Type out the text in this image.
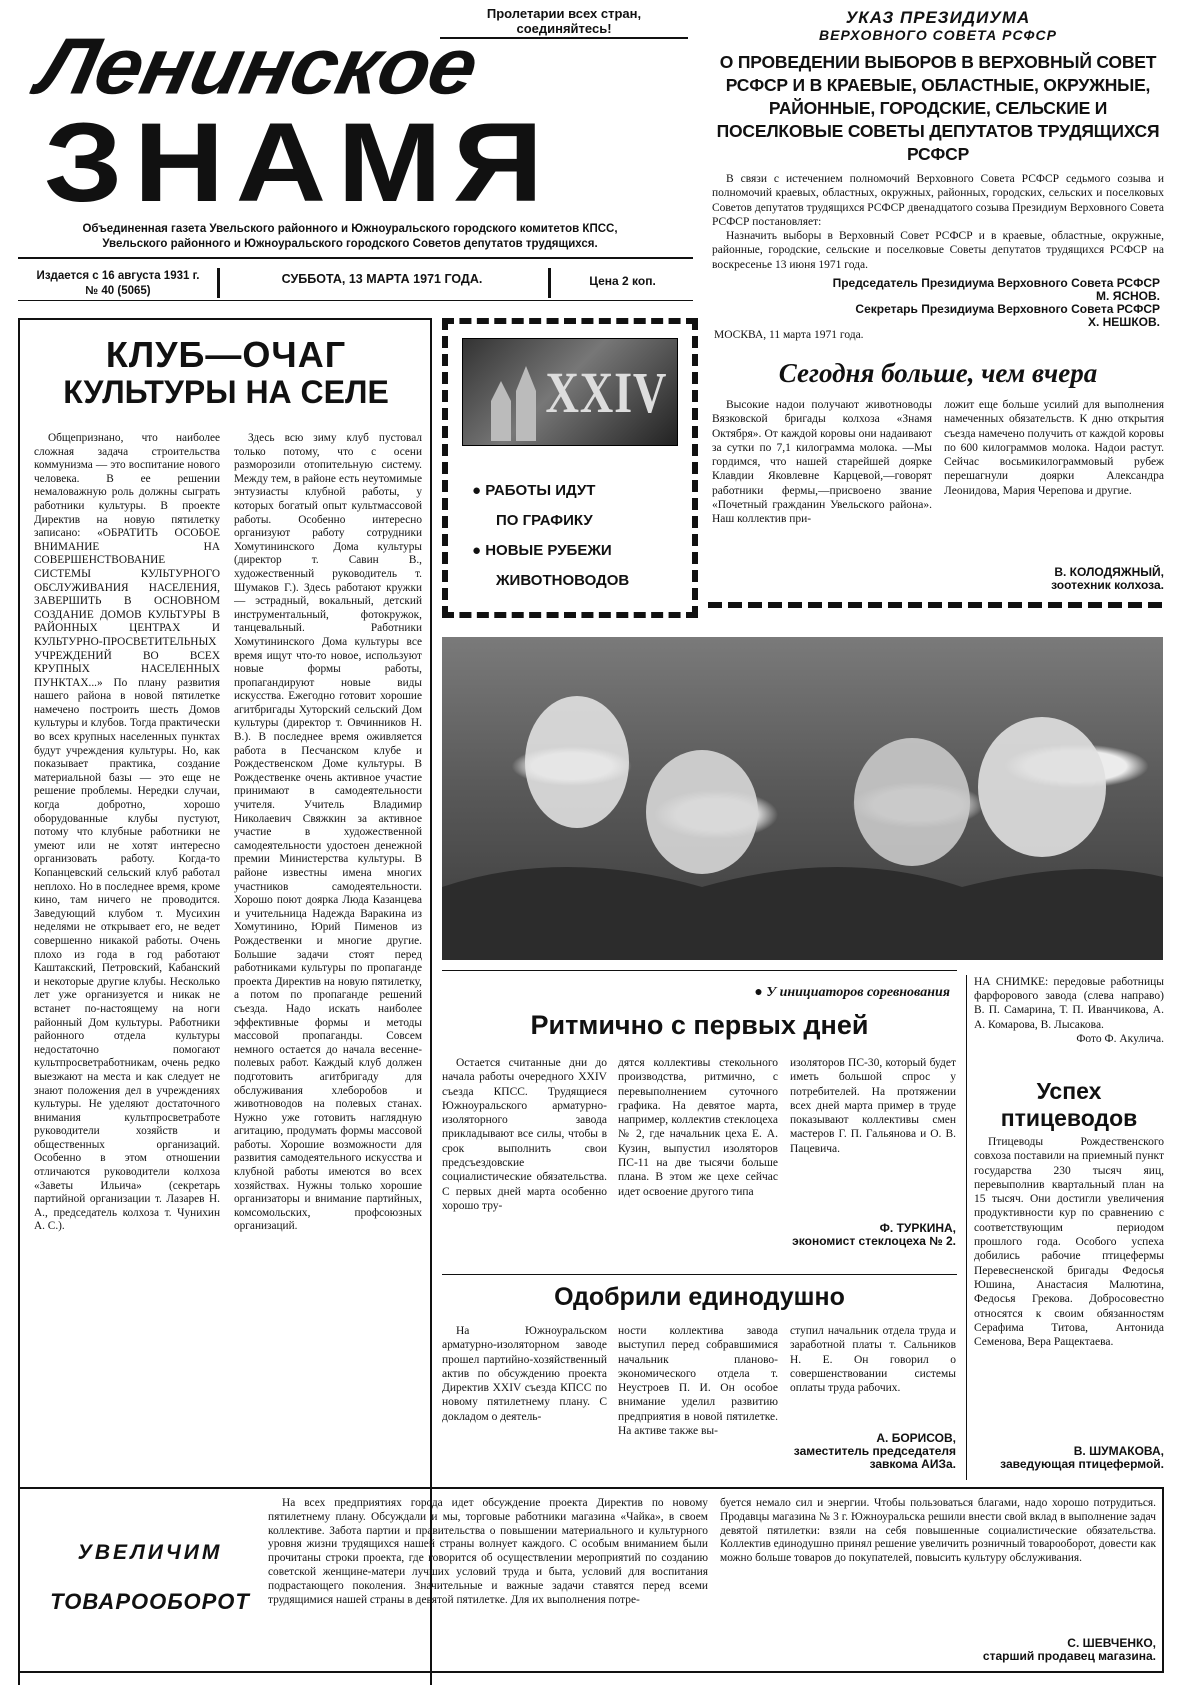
Пролетарии всех стран, соединяйтесь!
Ленинское
ЗНАМЯ
Объединенная газета Увельского районного и Южноуральского городского комитетов КПСС, Увельского районного и Южноуральского городского Советов депутатов трудящихся.
Издается с 16 августа 1931 г.
№ 40 (5065)
СУББОТА, 13 МАРТА 1971 ГОДА.	Цена 2 коп.
УКАЗ ПРЕЗИДИУМА
ВЕРХОВНОГО СОВЕТА РСФСР
О ПРОВЕДЕНИИ ВЫБОРОВ В ВЕРХОВНЫЙ СОВЕТ РСФСР И В КРАЕВЫЕ, ОБЛАСТНЫЕ, ОКРУЖНЫЕ, РАЙОННЫЕ, ГОРОДСКИЕ, СЕЛЬСКИЕ И ПОСЕЛКОВЫЕ СОВЕТЫ ДЕПУТАТОВ ТРУДЯЩИХСЯ РСФСР

В связи с истечением полномочий Верховного Совета РСФСР седьмого созыва и полномочий краевых, областных, окружных, районных, городских, сельских и поселковых Советов депутатов трудящихся РСФСР двенадцатого созыва Президиум Верховного Совета РСФСР постановляет:

Назначить выборы в Верховный Совет РСФСР и в краевые, областные, окружные, районные, городские, сельские и поселковые Советы депутатов трудящихся РСФСР на воскресенье 13 июня 1971 года.

Председатель Президиума Верховного Совета РСФСР
М. ЯСНОВ.
Секретарь Президиума Верховного Совета РСФСР
Х. НЕШКОВ.
МОСКВА, 11 марта 1971 года.
КЛУБ—ОЧАГ
КУЛЬТУРЫ НА СЕЛЕ

Общепризнано, что наиболее сложная задача строительства коммунизма — это воспитание нового человека. В ее решении немаловажную роль должны сыграть работники культуры. В проекте Директив на новую пятилетку записано: «ОБРАТИТЬ ОСОБОЕ ВНИМАНИЕ НА СОВЕРШЕНСТВОВАНИЕ СИСТЕМЫ КУЛЬТУРНОГО ОБСЛУЖИВАНИЯ НАСЕЛЕНИЯ, ЗАВЕРШИТЬ В ОСНОВНОМ СОЗДАНИЕ ДОМОВ КУЛЬТУРЫ В РАЙОННЫХ ЦЕНТРАХ И КУЛЬТУРНО-ПРОСВЕТИТЕЛЬНЫХ УЧРЕЖДЕНИЙ ВО ВСЕХ КРУПНЫХ НАСЕЛЕННЫХ ПУНКТАХ...» По плану развития нашего района в новой пятилетке намечено построить шесть Домов культуры и клубов. Тогда практически во всех крупных населенных пунктах будут учреждения культуры. Но, как показывает практика, создание материальной базы — это еще не решение проблемы. Нередки случаи, когда добротно, хорошо оборудованные клубы пустуют, потому что клубные работники не умеют или не хотят интересно организовать работу. Когда-то Копанцевский сельский клуб работал неплохо. Но в последнее время, кроме кино, там ничего не проводится. Заведующий клубом т. Мусихин неделями не открывает его, не ведет совершенно никакой работы. Очень плохо из года в год работают Каштакский, Петровский, Кабанский и некоторые другие клубы. Несколько лет уже организуется и никак не встанет по-настоящему на ноги районный Дом культуры. Работники районного отдела культуры недостаточно помогают культпросветработникам, очень редко выезжают на места и как следует не знают положения дел в учреждениях культуры. Не уделяют достаточного внимания культпросветработе руководители хозяйств и общественных организаций. Особенно в этом отношении отличаются руководители колхоза «Заветы Ильича» (секретарь партийной организации т. Лазарев Н. А., председатель колхоза т. Чунихин А. С.).

Здесь всю зиму клуб пустовал только потому, что с осени разморозили отопительную систему. Между тем, в районе есть неутомимые энтузиасты клубной работы, у которых богатый опыт культмассовой работы. Особенно интересно организуют работу сотрудники Хомутининского Дома культуры (директор т. Савин В., художественный руководитель т. Шумаков Г.). Здесь работают кружки — эстрадный, вокальный, детский инструментальный, фотокружок, танцевальный. Работники Хомутининского Дома культуры все время ищут что-то новое, используют новые формы работы, пропагандируют новые виды искусства. Ежегодно готовит хорошие агитбригады Хуторский сельский Дом культуры (директор т. Овчинников Н. В.). В последнее время оживляется работа в Песчанском клубе и Рождественском Доме культуры. В Рождественке очень активное участие принимают в самодеятельности учителя. Учитель Владимир Николаевич Свяжкин за активное участие в художественной самодеятельности удостоен денежной премии Министерства культуры. В районе известны имена многих участников самодеятельности. Хорошо поют доярка Люда Казанцева и учительница Надежда Варакина из Хомутинино, Юрий Пименов из Рождественки и многие другие. Большие задачи стоят перед работниками культуры по пропаганде проекта Директив на новую пятилетку, а потом по пропаганде решений съезда. Надо искать наиболее эффективные формы и методы массовой пропаганды. Совсем немного остается до начала весенне-полевых работ. Каждый клуб должен подготовить агитбригаду для обслуживания хлеборобов и животноводов на полевых станах. Нужно уже готовить наглядную агитацию, продумать формы массовой работы. Хорошие возможности для развития самодеятельного искусства и клубной работы имеются во всех хозяйствах. Нужны только хорошие организаторы и внимание партийных, комсомольских, профсоюзных организаций.

XXIV
● РАБОТЫ ИДУТ
ПО ГРАФИКУ
● НОВЫЕ РУБЕЖИ
ЖИВОТНОВОДОВ
Сегодня больше, чем вчера

Высокие надои получают животноводы Вязковской бригады колхоза «Знамя Октября». От каждой коровы они надаивают за сутки по 7,1 килограмма молока. —Мы гордимся, что нашей старейшей доярке Клавдии Яковлевне Карцевой,—говорят работники фермы,—присвоено звание «Почетный гражданин Увельского района». Наш коллектив при-

ложит еще больше усилий для выполнения намеченных обязательств. К дню открытия съезда намечено получить от каждой коровы по 600 килограммов молока. Надои растут. Сейчас восьмикилограммовый рубеж перешагнули доярки Александра Леонидова, Мария Черепова и другие.

В. КОЛОДЯЖНЫЙ,
зоотехник колхоза.
● У инициаторов соревнования
Ритмично с первых дней

Остается считанные дни до начала работы очередного XXIV съезда КПСС. Трудящиеся Южноуральского арматурно-изоляторного завода прикладывают все силы, чтобы в срок выполнить свои предсъездовские социалистические обязательства. С первых дней марта особенно хорошо тру-

дятся коллективы стекольного производства, ритмично, с перевыполнением суточного графика. На девятое марта, например, коллектив стеклоцеха № 2, где начальник цеха Е. А. Кузин, выпустил изоляторов ПС-11 на две тысячи больше плана. В этом же цехе сейчас идет освоение другого типа

изоляторов ПС-30, который будет иметь большой спрос у потребителей. На протяжении всех дней марта пример в труде показывают коллективы смен мастеров Г. П. Гальянова и О. В. Пацевича.

Ф. ТУРКИНА,
экономист стеклоцеха № 2.
Одобрили единодушно

На Южноуральском арматурно-изоляторном заводе прошел партийно-хозяйственный актив по обсуждению проекта Директив XXIV съезда КПСС по новому пятилетнему плану. С докладом о деятель-

ности коллектива завода выступил перед собравшимися начальник планово-экономического отдела т. Неустроев П. И. Он особое внимание уделил развитию предприятия в новой пятилетке. На активе также вы-

ступил начальник отдела труда и заработной платы т. Сальников Н. Е. Он говорил о совершенствовании системы оплаты труда рабочих.

А. БОРИСОВ,
заместитель председателя завкома АИЗа.

НА СНИМКЕ: передовые работницы фарфорового завода (слева направо) В. П. Самарина, Т. П. Иванчикова, А. А. Комарова, В. Лысакова.
Фото Ф. Акулича.

Успех
птицеводов

Птицеводы Рождественского совхоза поставили на приемный пункт государства 230 тысяч яиц, перевыполнив квартальный план на 15 тысяч. Они достигли увеличения продуктивности кур по сравнению с соответствующим периодом прошлого года. Особого успеха добились рабочие птицефермы Перевесненской бригады Федосья Юшина, Анастасия Малютина, Федосья Грекова. Добросовестно относятся к своим обязанностям Серафима Титова, Антонида Семенова, Вера Ращектаева.

В. ШУМАКОВА,
заведующая птицефермой.
УВЕЛИЧИМ
ТОВАРООБОРОТ

На всех предприятиях города идет обсуждение проекта Директив по новому пятилетнему плану. Обсуждали и мы, торговые работники магазина «Чайка», в своем коллективе. Забота партии и правительства о повышении материального и культурного уровня жизни трудящихся нашей страны волнует каждого. С особым вниманием были прочитаны строки проекта, где говорится об осуществлении мероприятий по созданию советской женщине-матери лучших условий труда и быта, условий для воспитания подрастающего поколения. Значительные и важные задачи ставятся перед всеми трудящимися нашей страны в девятой пятилетке. Для их выполнения потре-

буется немало сил и энергии. Чтобы пользоваться благами, надо хорошо потрудиться. Продавцы магазина № 3 г. Южноуральска решили внести свой вклад в выполнение задач девятой пятилетки: взяли на себя повышенные социалистические обязательства. Коллектив единодушно принял решение увеличить розничный товарооборот, довести как можно больше товаров до покупателей, повысить культуру обслуживания.

С. ШЕВЧЕНКО,
старший продавец магазина.
